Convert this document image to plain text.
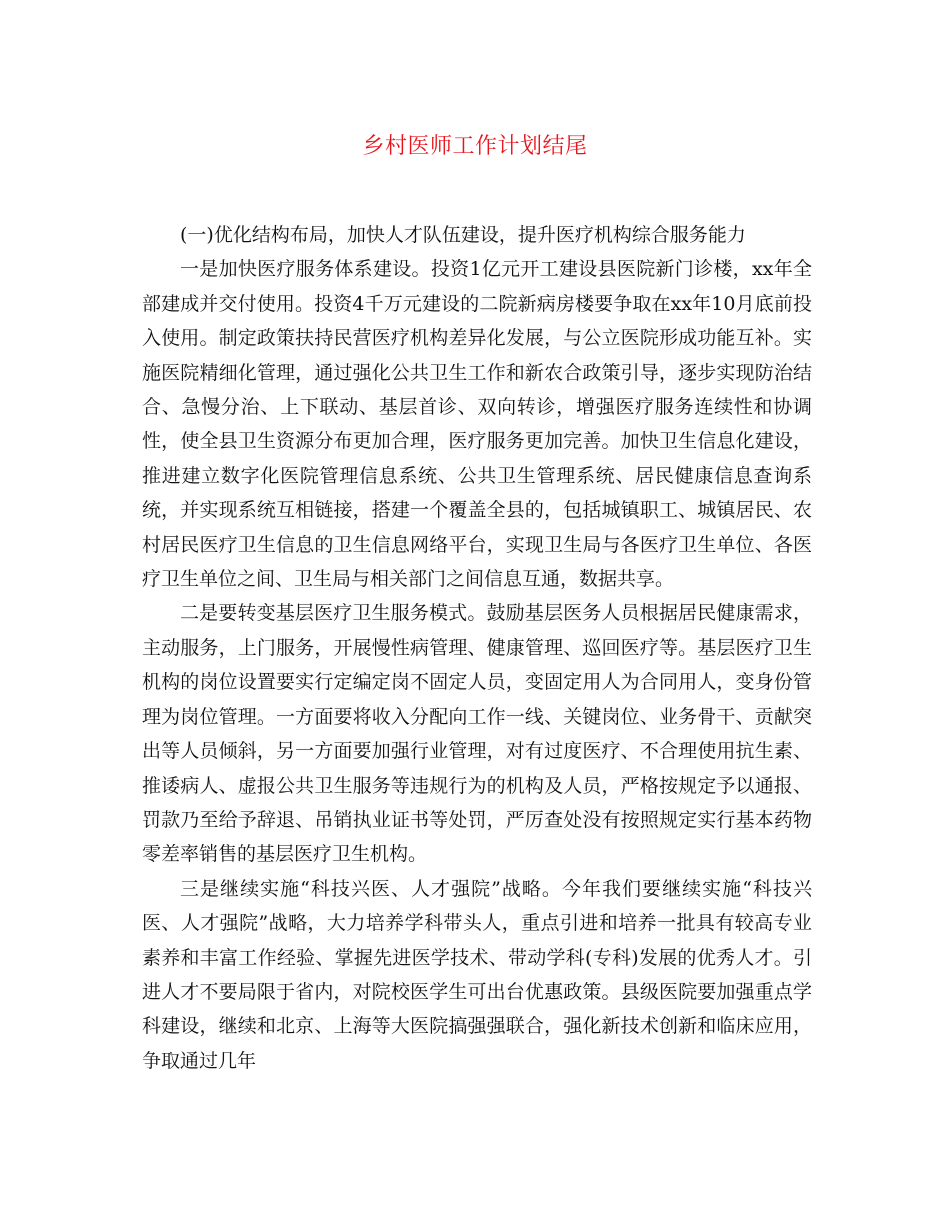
乡村医师工作计划结尾

(一)优化结构布局，加快人才队伍建设，提升医疗机构综合服务能力

一是加快医疗服务体系建设。投资1亿元开工建设县医院新门诊楼，xx年全部建成并交付使用。投资4千万元建设的二院新病房楼要争取在xx年10月底前投入使用。制定政策扶持民营医疗机构差异化发展，与公立医院形成功能互补。实施医院精细化管理，通过强化公共卫生工作和新农合政策引导，逐步实现防治结合、急慢分治、上下联动、基层首诊、双向转诊，增强医疗服务连续性和协调性，使全县卫生资源分布更加合理，医疗服务更加完善。加快卫生信息化建设，推进建立数字化医院管理信息系统、公共卫生管理系统、居民健康信息查询系统，并实现系统互相链接，搭建一个覆盖全县的，包括城镇职工、城镇居民、农村居民医疗卫生信息的卫生信息网络平台，实现卫生局与各医疗卫生单位、各医疗卫生单位之间、卫生局与相关部门之间信息互通，数据共享。

二是要转变基层医疗卫生服务模式。鼓励基层医务人员根据居民健康需求，主动服务，上门服务，开展慢性病管理、健康管理、巡回医疗等。基层医疗卫生机构的岗位设置要实行定编定岗不固定人员，变固定用人为合同用人，变身份管理为岗位管理。一方面要将收入分配向工作一线、关键岗位、业务骨干、贡献突出等人员倾斜，另一方面要加强行业管理，对有过度医疗、不合理使用抗生素、推诿病人、虚报公共卫生服务等违规行为的机构及人员，严格按规定予以通报、罚款乃至给予辞退、吊销执业证书等处罚，严厉查处没有按照规定实行基本药物零差率销售的基层医疗卫生机构。

三是继续实施“科技兴医、人才强院”战略。今年我们要继续实施“科技兴医、人才强院”战略，大力培养学科带头人，重点引进和培养一批具有较高专业素养和丰富工作经验、掌握先进医学技术、带动学科(专科)发展的优秀人才。引进人才不要局限于省内，对院校医学生可出台优惠政策。县级医院要加强重点学科建设，继续和北京、上海等大医院搞强强联合，强化新技术创新和临床应用，争取通过几年
